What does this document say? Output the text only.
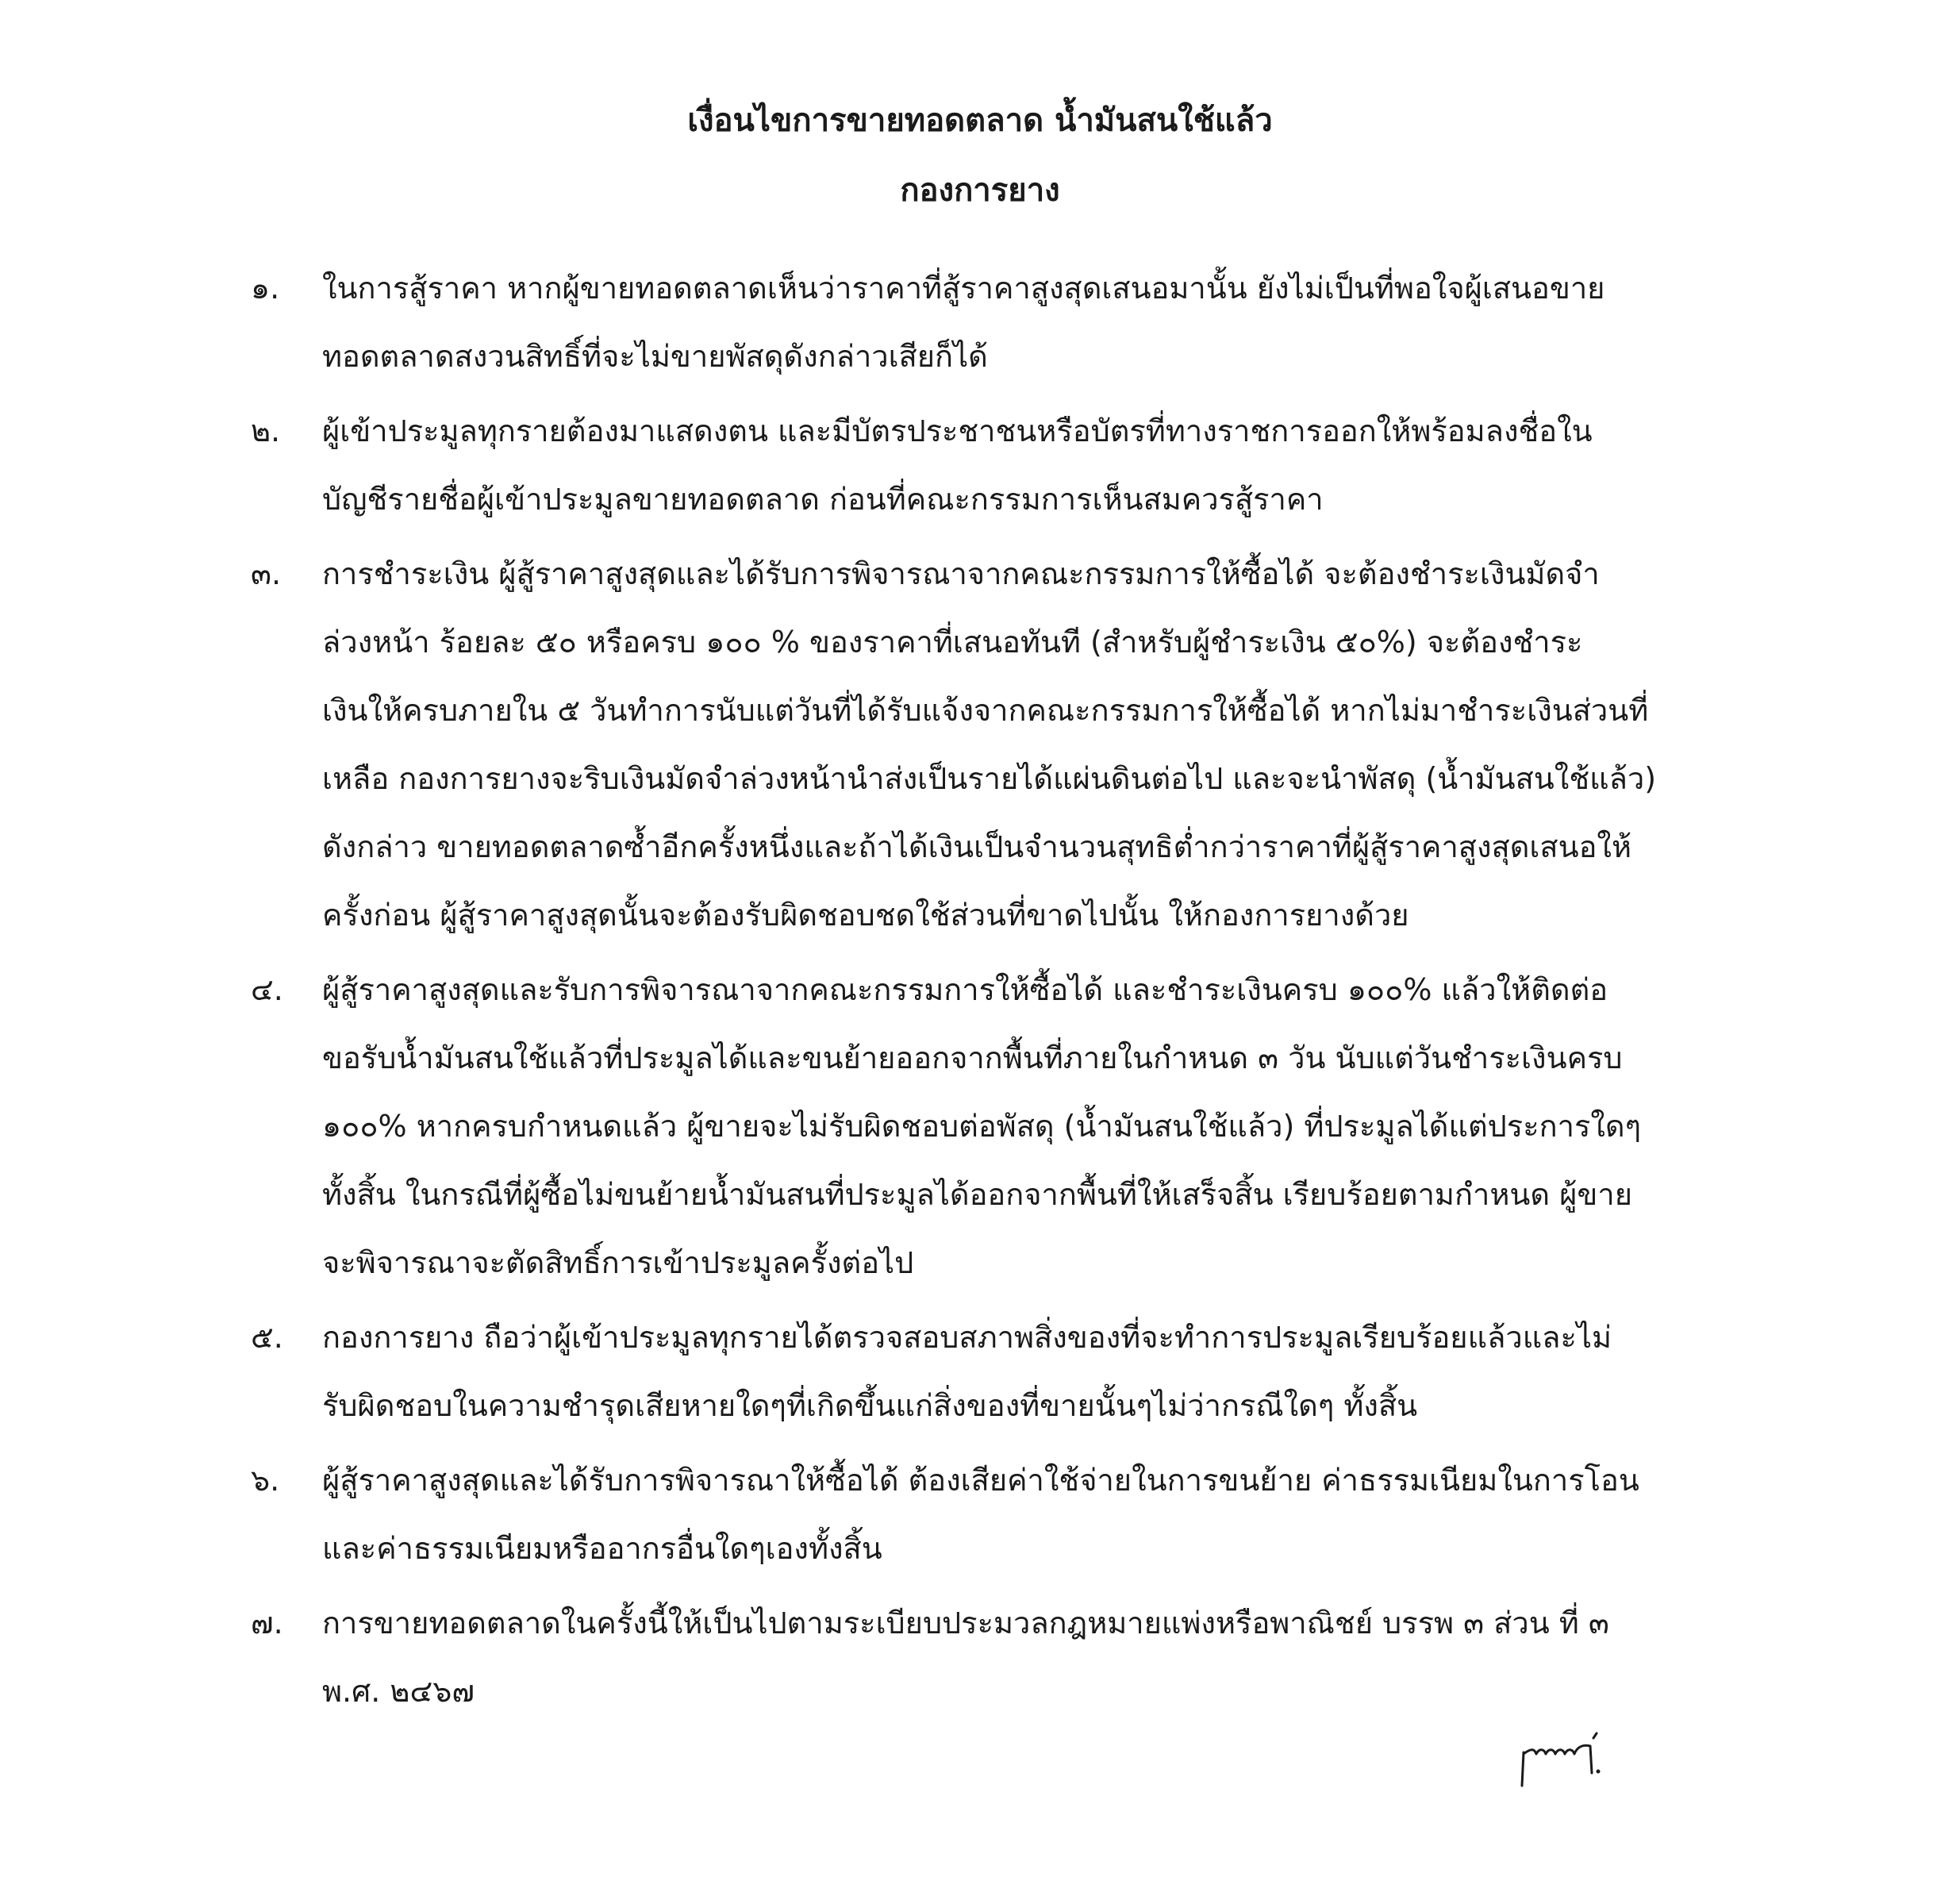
เงื่อนไขการขายทอดตลาด น้ำมันสนใช้แล้ว
กองการยาง
๑.	ในการสู้ราคา หากผู้ขายทอดตลาดเห็นว่าราคาที่สู้ราคาสูงสุดเสนอมานั้น ยังไม่เป็นที่พอใจผู้เสนอขาย
ทอดตลาดสงวนสิทธิ์ที่จะไม่ขายพัสดุดังกล่าวเสียก็ได้
๒.	ผู้เข้าประมูลทุกรายต้องมาแสดงตน และมีบัตรประชาชนหรือบัตรที่ทางราชการออกให้พร้อมลงชื่อใน
บัญชีรายชื่อผู้เข้าประมูลขายทอดตลาด ก่อนที่คณะกรรมการเห็นสมควรสู้ราคา
๓.	การชำระเงิน ผู้สู้ราคาสูงสุดและได้รับการพิจารณาจากคณะกรรมการให้ซื้อได้ จะต้องชำระเงินมัดจำ
ล่วงหน้า ร้อยละ ๕๐ หรือครบ ๑๐๐ % ของราคาที่เสนอทันที (สำหรับผู้ชำระเงิน ๕๐%) จะต้องชำระ
เงินให้ครบภายใน ๕ วันทำการนับแต่วันที่ได้รับแจ้งจากคณะกรรมการให้ซื้อได้ หากไม่มาชำระเงินส่วนที่
เหลือ กองการยางจะริบเงินมัดจำล่วงหน้านำส่งเป็นรายได้แผ่นดินต่อไป และจะนำพัสดุ (น้ำมันสนใช้แล้ว)
ดังกล่าว ขายทอดตลาดซ้ำอีกครั้งหนึ่งและถ้าได้เงินเป็นจำนวนสุทธิต่ำกว่าราคาที่ผู้สู้ราคาสูงสุดเสนอให้
ครั้งก่อน ผู้สู้ราคาสูงสุดนั้นจะต้องรับผิดชอบชดใช้ส่วนที่ขาดไปนั้น ให้กองการยางด้วย
๔.	ผู้สู้ราคาสูงสุดและรับการพิจารณาจากคณะกรรมการให้ซื้อได้ และชำระเงินครบ ๑๐๐% แล้วให้ติดต่อ
ขอรับน้ำมันสนใช้แล้วที่ประมูลได้และขนย้ายออกจากพื้นที่ภายในกำหนด ๓ วัน นับแต่วันชำระเงินครบ
๑๐๐% หากครบกำหนดแล้ว ผู้ขายจะไม่รับผิดชอบต่อพัสดุ (น้ำมันสนใช้แล้ว) ที่ประมูลได้แต่ประการใดๆ
ทั้งสิ้น ในกรณีที่ผู้ซื้อไม่ขนย้ายน้ำมันสนที่ประมูลได้ออกจากพื้นที่ให้เสร็จสิ้น เรียบร้อยตามกำหนด ผู้ขาย
จะพิจารณาจะตัดสิทธิ์การเข้าประมูลครั้งต่อไป
๕.	กองการยาง ถือว่าผู้เข้าประมูลทุกรายได้ตรวจสอบสภาพสิ่งของที่จะทำการประมูลเรียบร้อยแล้วและไม่
รับผิดชอบในความชำรุดเสียหายใดๆที่เกิดขึ้นแก่สิ่งของที่ขายนั้นๆไม่ว่ากรณีใดๆ ทั้งสิ้น
๖.	ผู้สู้ราคาสูงสุดและได้รับการพิจารณาให้ซื้อได้ ต้องเสียค่าใช้จ่ายในการขนย้าย ค่าธรรมเนียมในการโอน
และค่าธรรมเนียมหรืออากรอื่นใดๆเองทั้งสิ้น
๗.	การขายทอดตลาดในครั้งนี้ให้เป็นไปตามระเบียบประมวลกฎหมายแพ่งหรือพาณิชย์ บรรพ ๓ ส่วน ที่ ๓
พ.ศ. ๒๔๖๗
